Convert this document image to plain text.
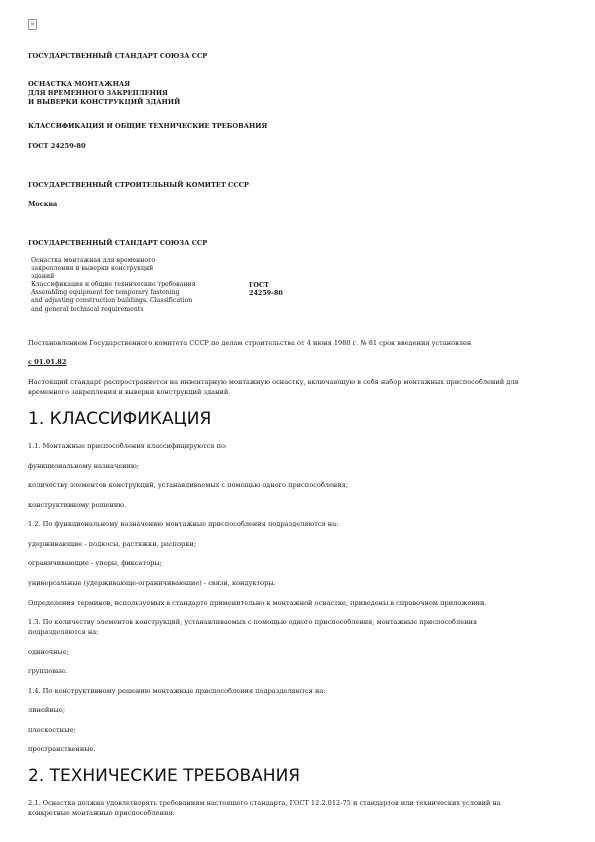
×
ГОСУДАРСТВЕННЫЙ СТАНДАРТ СОЮЗА ССР
ОСНАСТКА МОНТАЖНАЯ
ДЛЯ ВРЕМЕННОГО ЗАКРЕПЛЕНИЯ
И ВЫВЕРКИ КОНСТРУКЦИЙ ЗДАНИЙ
КЛАССИФИКАЦИЯ И ОБЩИЕ ТЕХНИЧЕСКИЕ ТРЕБОВАНИЯ
ГОСТ 24259-80
ГОСУДАРСТВЕННЫЙ СТРОИТЕЛЬНЫЙ КОМИТЕТ СССР
Москва
ГОСУДАРСТВЕННЫЙ СТАНДАРТ СОЮЗА ССР
Оснастка монтажная для временного
закрепления и выверки конструкций
зданий
Классификация и общие технические требования
Assembling equipment for temporary fastening
and adjusting construction buildings. Classification
and general technical requirements
ГОСТ
24259-80
Постановлением Государственного комитета СССР по делам строительства от 4 июня 1980 г. № 81 срок введения установлен
с 01.01.82
Настоящий стандарт распространяется на инвентарную монтажную оснастку, включающую в себя набор монтажных приспособлений для
временного закрепления и выверки конструкций зданий.
1. КЛАССИФИКАЦИЯ
1.1. Монтажные приспособления классифицируются по:
функциональному назначению;
количеству элементов конструкций, устанавливаемых с помощью одного приспособления;
конструктивному решению.
1.2. По функциональному назначению монтажные приспособления подразделяются на:
удерживающие - подкосы, растяжки, распорки;
ограничивающие - упоры, фиксаторы;
универсальные (удерживающе-ограничивающие) - связи, кондукторы.
Определения терминов, используемых в стандарте применительно к монтажной оснастке, приведены в справочном приложении.
1.3. По количеству элементов конструкций, устанавливаемых с помощью одного приспособления, монтажные приспособления
подразделяются на:
одиночные;
групповые.
1.4. По конструктивному решению монтажные приспособления подразделяются на:
линейные;
плоскостные;
пространственные.
2. ТЕХНИЧЕСКИЕ ТРЕБОВАНИЯ
2.1. Оснастка должна удовлетворять требованиям настоящего стандарта, ГОСТ 12.2.012-75 и стандартов или технических условий на
конкретные монтажные приспособления.
